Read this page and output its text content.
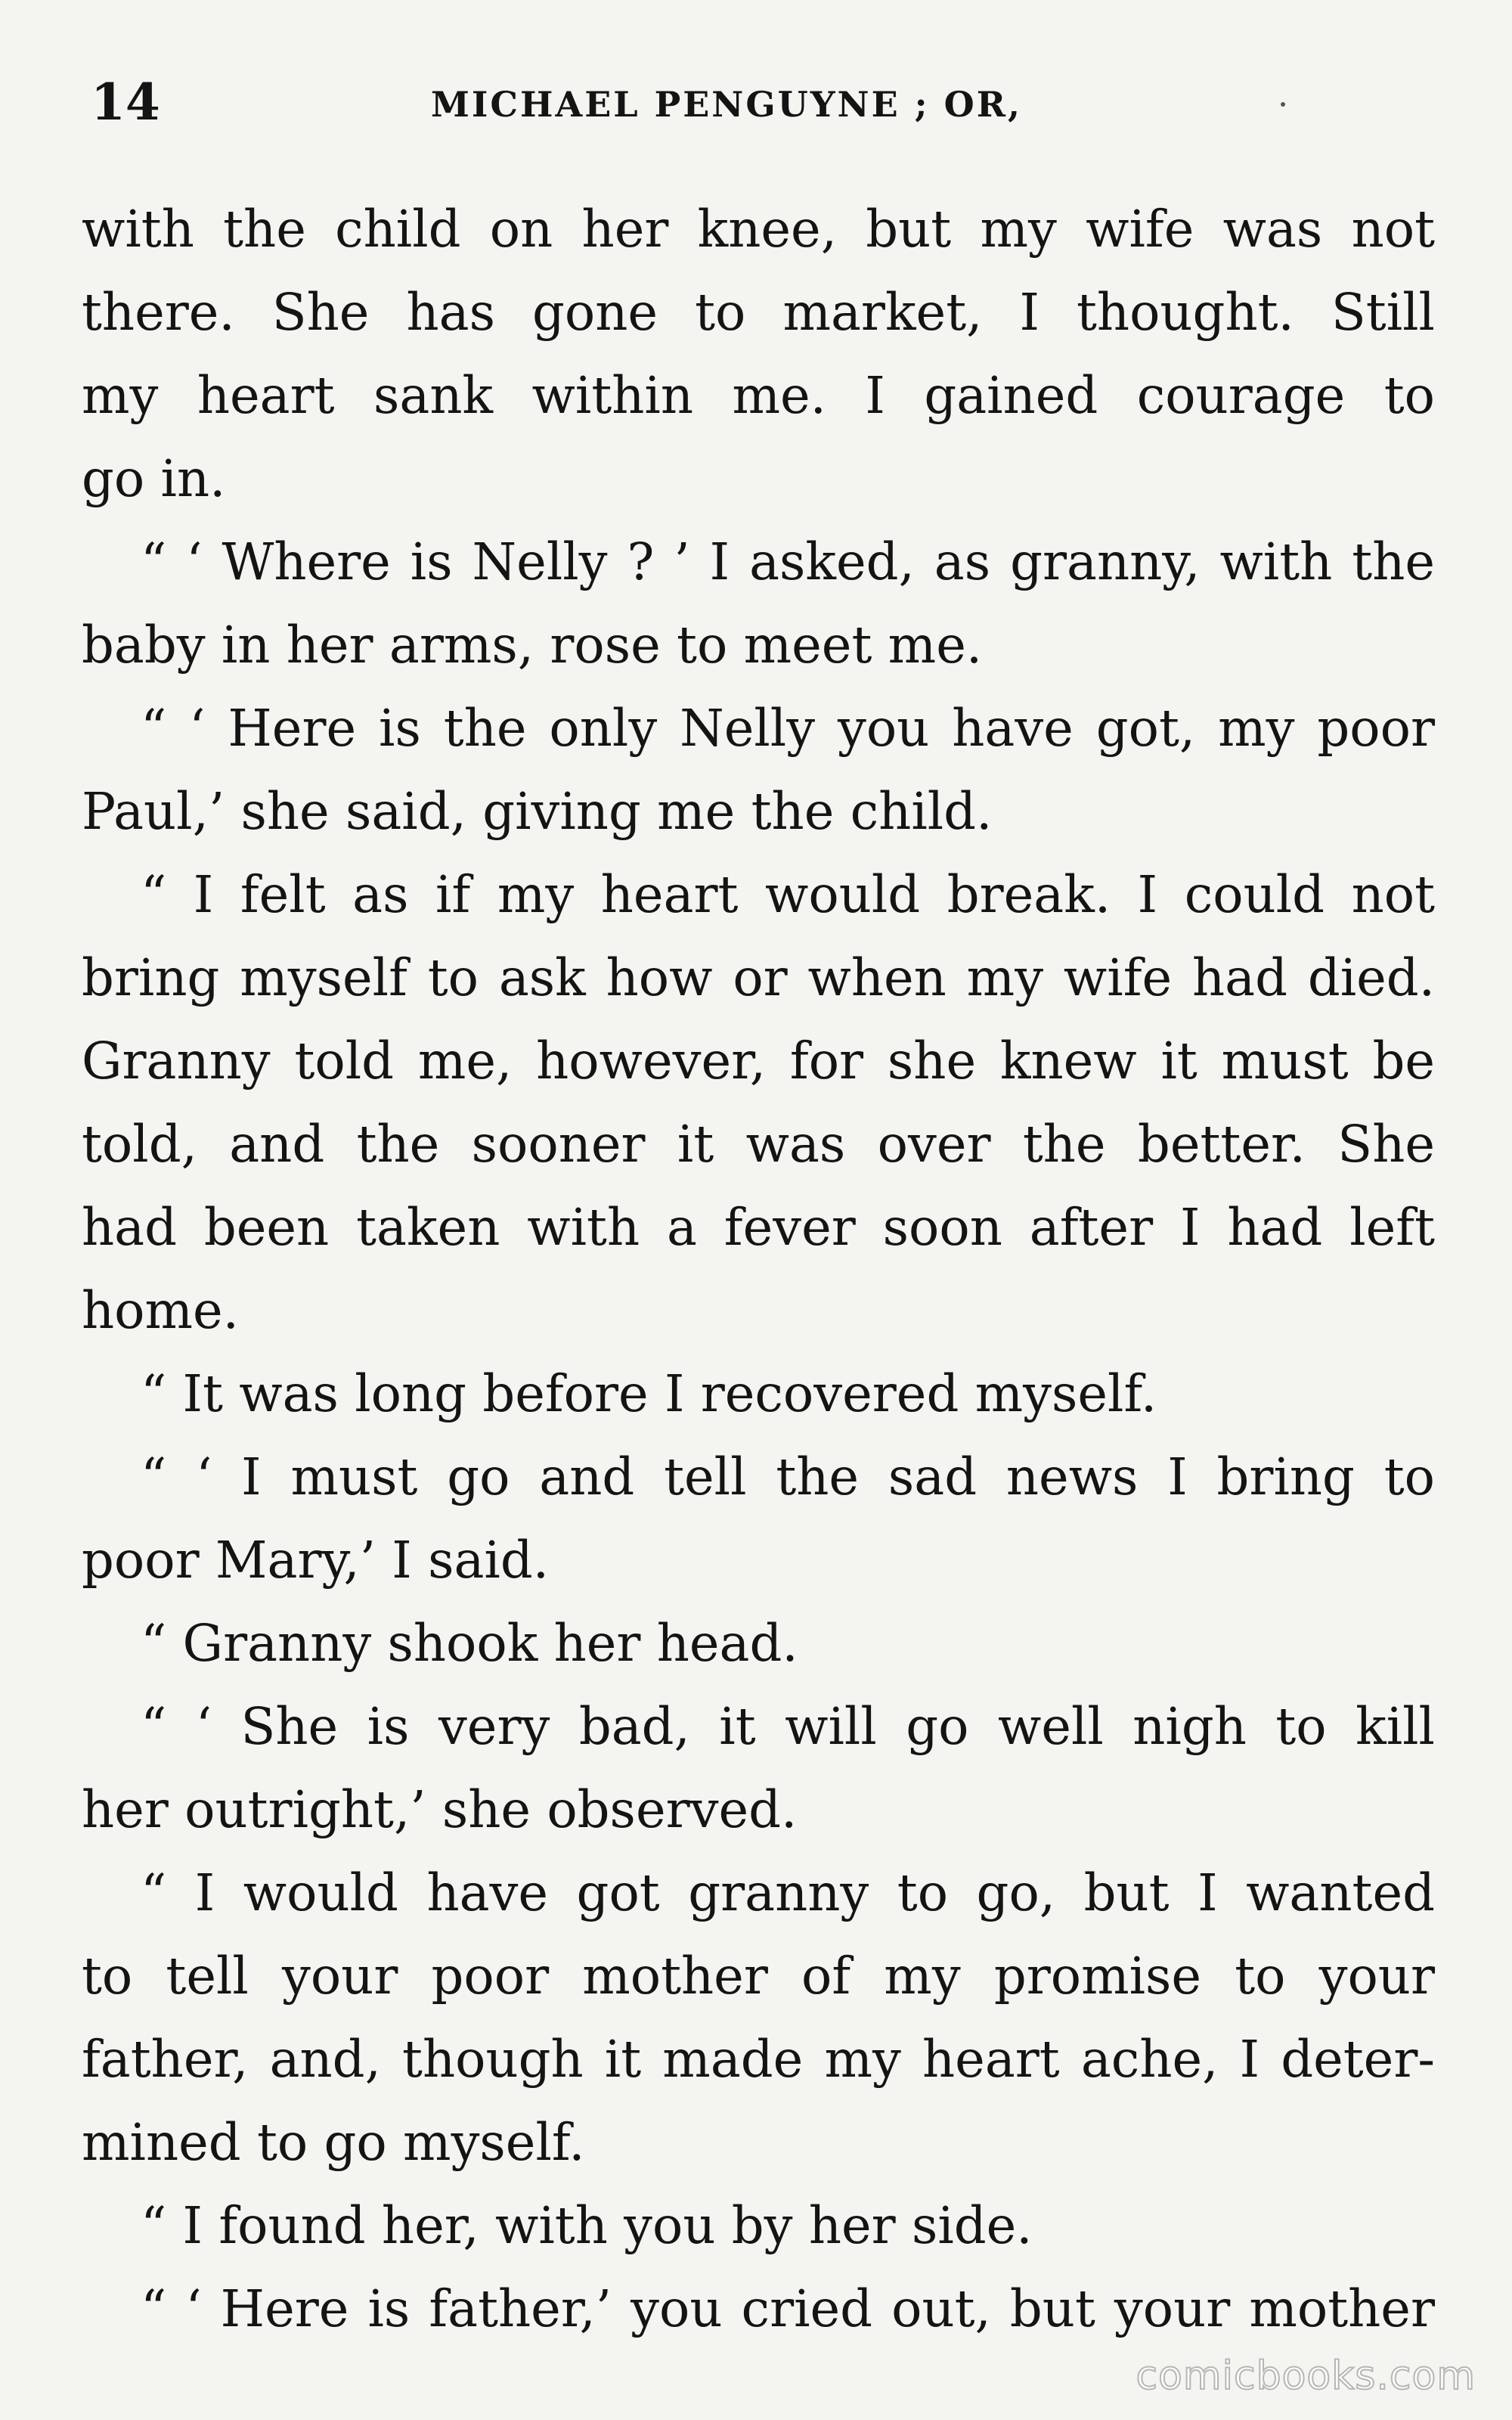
14	MICHAEL PENGUYNE ; OR,
with the child on her knee, but my wife was not
there. She has gone to market, I thought. Still
my heart sank within me. I gained courage to
go in.
“ ‘ Where is Nelly ? ’ I asked, as granny, with the
baby in her arms, rose to meet me.
“ ‘ Here is the only Nelly you have got, my poor
Paul,’ she said, giving me the child.
“ I felt as if my heart would break. I could not
bring myself to ask how or when my wife had died.
Granny told me, however, for she knew it must be
told, and the sooner it was over the better. She
had been taken with a fever soon after I had left
home.
“ It was long before I recovered myself.
“ ‘ I must go and tell the sad news I bring to
poor Mary,’ I said.
“ Granny shook her head.
“ ‘ She is very bad, it will go well nigh to kill
her outright,’ she observed.
“ I would have got granny to go, but I wanted
to tell your poor mother of my promise to your
father, and, though it made my heart ache, I deter-
mined to go myself.
“ I found her, with you by her side.
“ ‘ Here is father,’ you cried out, but your mother
comicbooks.com
